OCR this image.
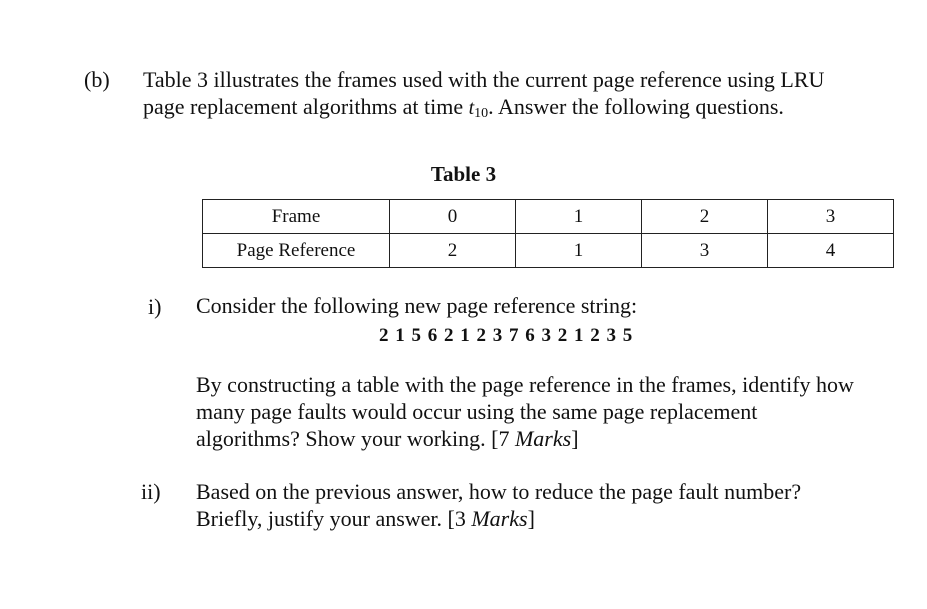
(b) Table 3 illustrates the frames used with the current page reference using LRU
page replacement algorithms at time t10. Answer the following questions.
Table 3
Frame	0	1	2	3
Page Reference	2	1	3	4
i) Consider the following new page reference string:
2 1 5 6 2 1 2 3 7 6 3 2 1 2 3 5
By constructing a table with the page reference in the frames, identify how
many page faults would occur using the same page replacement
algorithms? Show your working. [7 Marks]
ii) Based on the previous answer, how to reduce the page fault number?
Briefly, justify your answer. [3 Marks]
